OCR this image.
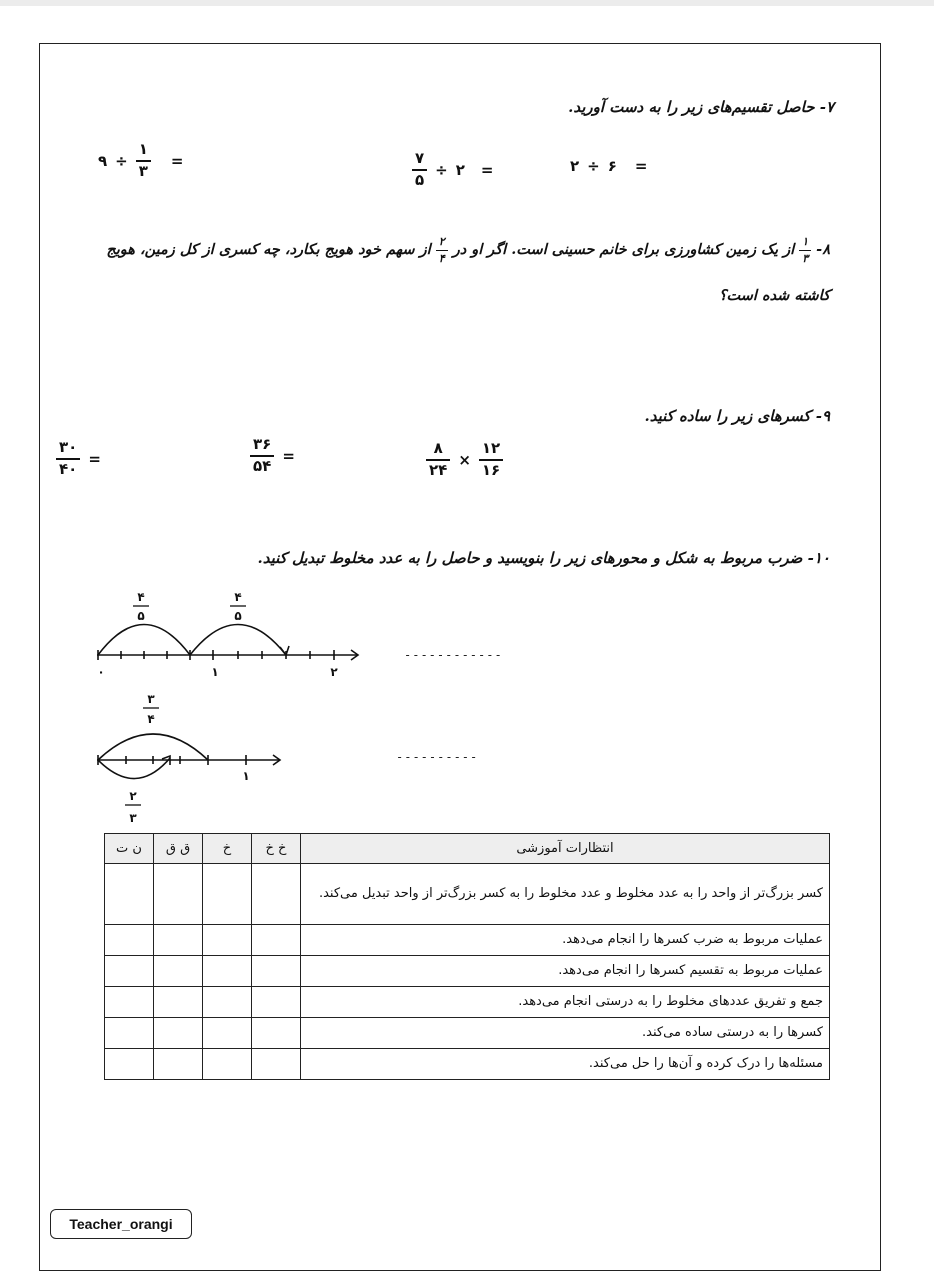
۷- حاصل تقسیم‌های زیر را به دست آورید.
۹ ÷ $\frac{۱}{۳}$ =	$\frac{۷}{۵}$ ÷ ۲ =	۲ ÷ ۶ =
۸-
$\frac{۱}{۳}$
از یک زمین کشاورزی برای خانم حسینی است. اگر او در
$\frac{۲}{۴}$
از سهم خود هویج بکارد، چه کسری از کل زمین، هویج
کاشته شده است؟
۹- کسرهای زیر را ساده کنید.
$\frac{۳۰}{۴۰}$ =	$\frac{۳۶}{۵۴}$ =	$\frac{۸}{۲۴} \times \frac{۱۲}{۱۶}$
۱۰- ضرب مربوط به شکل و محورهای زیر را بنویسید و حاصل را به عدد مخلوط تبدیل کنید.
۴
۵
۴
۵
۰	۱	۲
۳
۴
۲
۳
۱
------------
----------
انتظارات آموزشی	خ خ	خ	ق ق	ن ت
کسر بزرگ‌تر از واحد را به عدد مخلوط و عدد مخلوط را به کسر بزرگ‌تر از واحد تبدیل می‌کند.				
عملیات مربوط به ضرب کسرها را انجام می‌دهد.				
عملیات مربوط به تقسیم کسرها را انجام می‌دهد.				
جمع و تفریق عددهای مخلوط را به درستی انجام می‌دهد.				
کسرها را به درستی ساده می‌کند.				
مسئله‌ها را درک کرده و آن‌ها را حل می‌کند.				
Teacher_orangi
